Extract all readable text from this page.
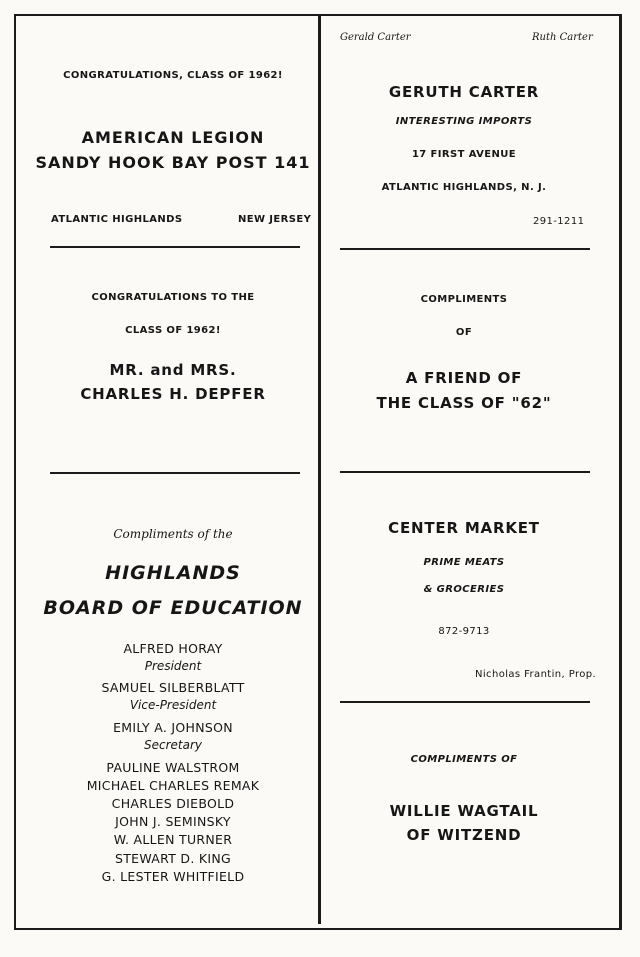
CONGRATULATIONS, CLASS OF 1962!
AMERICAN LEGION
SANDY HOOK BAY POST 141
ATLANTIC HIGHLANDS	NEW JERSEY
CONGRATULATIONS TO THE
CLASS OF 1962!
MR. and MRS.
CHARLES H. DEPFER
Compliments of the
HIGHLANDS
BOARD OF EDUCATION
ALFRED HORAY
President
SAMUEL SILBERBLATT
Vice-President
EMILY A. JOHNSON
Secretary
PAULINE WALSTROM
MICHAEL CHARLES REMAK
CHARLES DIEBOLD
JOHN J. SEMINSKY
W. ALLEN TURNER
STEWART D. KING
G. LESTER WHITFIELD
Gerald Carter	Ruth Carter
GERUTH CARTER
INTERESTING IMPORTS
17 FIRST AVENUE
ATLANTIC HIGHLANDS, N. J.
291-1211
COMPLIMENTS
OF
A FRIEND OF
THE CLASS OF "62"
CENTER MARKET
PRIME MEATS
& GROCERIES
872-9713
Nicholas Frantin, Prop.
COMPLIMENTS OF
WILLIE WAGTAIL
OF WITZEND
